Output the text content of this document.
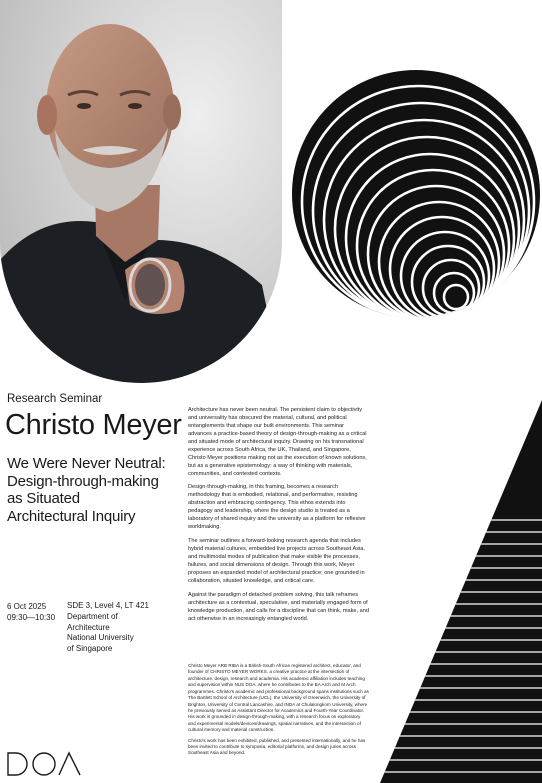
Research Seminar
Christo Meyer
We Were Never Neutral:
Design-through-making
as Situated
Architectural Inquiry
6 Oct 2025
09:30—10:30
SDE 3, Level 4, LT 421
Department of
Architecture
National University
of Singapore

Architecture has never been neutral. The persistent claim to objectivity and universality has obscured the material, cultural, and political entanglements that shape our built environments. This seminar advances a practice-based theory of design-through-making as a critical and situated mode of architectural inquiry. Drawing on his transnational experience across South Africa, the UK, Thailand, and Singapore, Christo Meyer positions making not as the execution of known solutions, but as a generative epistemology: a way of thinking with materials, communities, and contested contexts.

Design-through-making, in this framing, becomes a research methodology that is embodied, relational, and performative, resisting abstraction and embracing contingency. This ethos extends into pedagogy and leadership, where the design studio is treated as a laboratory of shared inquiry and the university as a platform for reflexive worldmaking.

The seminar outlines a forward-looking research agenda that includes hybrid material cultures, embedded live projects across Southeast Asia, and multimodal modes of publication that make visible the processes, failures, and social dimensions of design. Through this work, Meyer proposes an expanded model of architectural practice; one grounded in collaboration, situated knowledge, and critical care.

Against the paradigm of detached problem solving, this talk reframes architecture as a contextual, speculative, and materially engaged form of knowledge production, and calls for a discipline that can think, make, and act otherwise in an increasingly entangled world.

Christo Meyer ARB RIBA is a British-South African registered architect, educator, and founder of CHRISTO MEYER WORKS, a creative practice at the intersection of architecture, design, research and academia. His academic affiliation includes teaching and supervision within NUS DOA, where he contributes to the BA Arch and M Arch programmes. Christo's academic and professional background spans institutions such as The Bartlett School of Architecture (UCL), the University of Greenwich, the University of Brighton, University of Central Lancashire, and INDA at Chulalongkorn University, where he previously served as Assistant Director for Academics and Fourth-Year Coordinator. His work is grounded in design-through-making, with a research focus on exploratory and experimental models/devices/drawings, spatial narratives, and the intersection of cultural memory and material construction.

Christo's work has been exhibited, published, and presented internationally, and he has been invited to contribute to symposia, editorial platforms, and design juries across Southeast Asia and beyond.
